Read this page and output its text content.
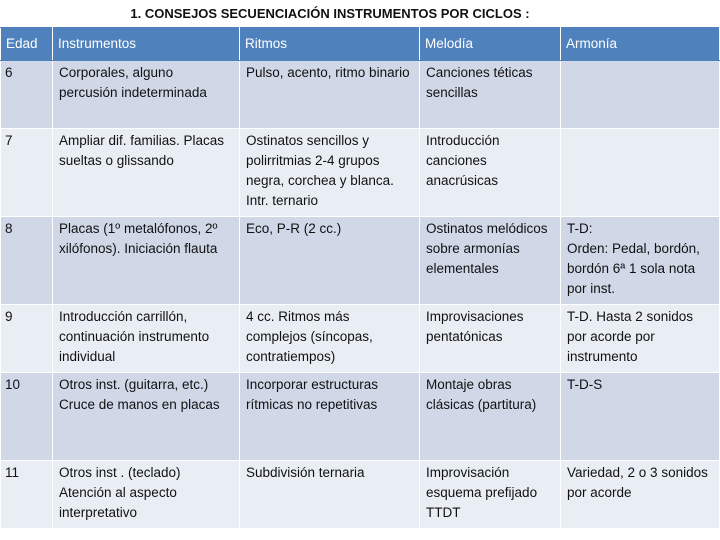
1. CONSEJOS SECUENCIACIÓN INSTRUMENTOS POR CICLOS :
Edad	Instrumentos	Ritmos	Melodía	Armonía
6	Corporales, alguno percusión indeterminada	Pulso, acento, ritmo binario	Canciones téticas sencillas	
7	Ampliar dif. familias. Placas sueltas o glissando	Ostinatos sencillos y polirritmias 2-4 grupos negra, corchea y blanca. Intr. ternario	Introducción canciones anacrúsicas	
8	Placas (1º metalófonos, 2º xilófonos). Iniciación flauta	Eco, P-R (2 cc.)	Ostinatos melódicos sobre armonías elementales	T-D:
Orden: Pedal, bordón, bordón 6ª 1 sola nota por inst.
9	Introducción carrillón, continuación instrumento individual	4 cc. Ritmos más complejos (síncopas, contratiempos)	Improvisaciones pentatónicas	T-D. Hasta 2 sonidos por acorde por instrumento
10	Otros inst. (guitarra, etc.)
Cruce de manos en placas	Incorporar estructuras rítmicas no repetitivas	Montaje obras clásicas (partitura)	T-D-S
11	Otros inst . (teclado)
Atención al aspecto interpretativo	Subdivisión ternaria	Improvisación esquema prefijado TTDT	Variedad, 2 o 3 sonidos por acorde
